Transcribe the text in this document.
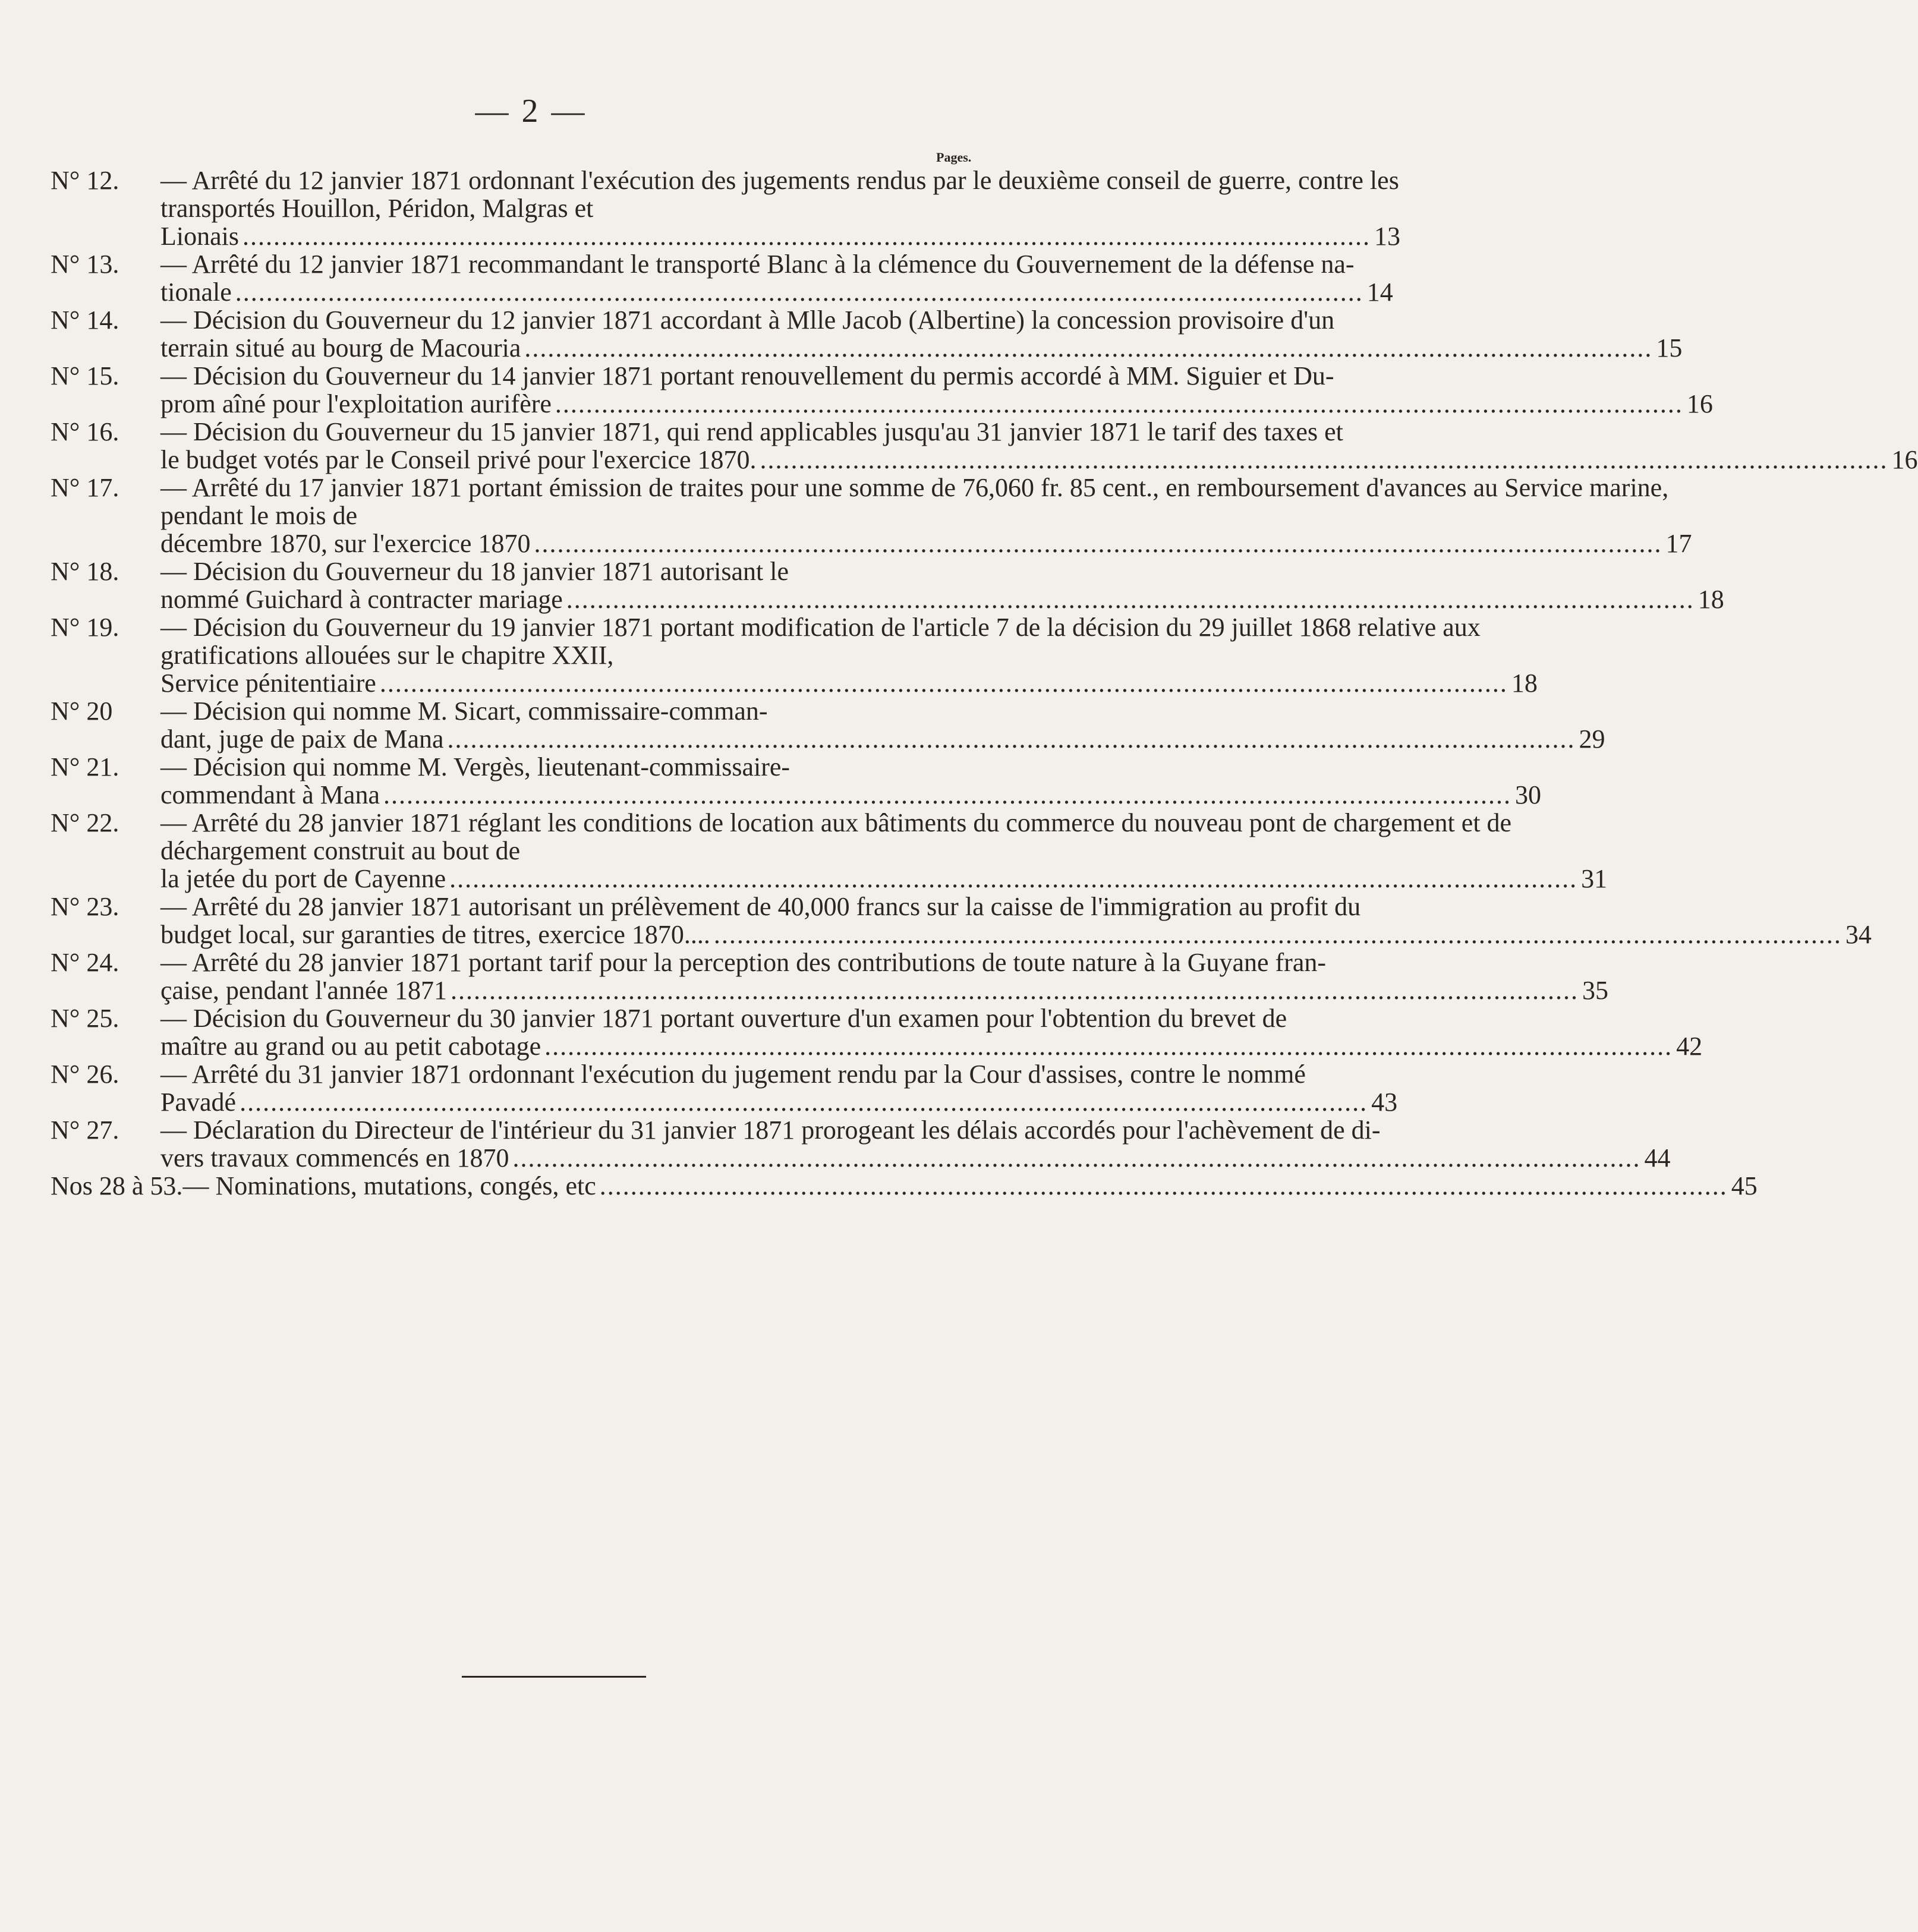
— 2 —
Pages.
N° 12.	— Arrêté du 12 janvier 1871 ordonnant l'exécution des jugements rendus par le deuxième conseil de guerre, contre les transportés Houillon, Péridon, Malgras et
Lionais .....	13
N° 13.	— Arrêté du 12 janvier 1871 recommandant le transporté Blanc à la clémence du Gouvernement de la défense na-
tionale .....	14
N° 14.	— Décision du Gouverneur du 12 janvier 1871 accordant à Mlle Jacob (Albertine) la concession provisoire d'un
terrain situé au bourg de Macouria .....	15
N° 15.	— Décision du Gouverneur du 14 janvier 1871 portant renouvellement du permis accordé à MM. Siguier et Du-
prom aîné pour l'exploitation aurifère .....	16
N° 16.	— Décision du Gouverneur du 15 janvier 1871, qui rend applicables jusqu'au 31 janvier 1871 le tarif des taxes et
le budget votés par le Conseil privé pour l'exercice 1870. .....	16
N° 17.	— Arrêté du 17 janvier 1871 portant émission de traites pour une somme de 76,060 fr. 85 cent., en remboursement d'avances au Service marine, pendant le mois de
décembre 1870, sur l'exercice 1870 .....	17
N° 18.	— Décision du Gouverneur du 18 janvier 1871 autorisant le
nommé Guichard à contracter mariage .....	18
N° 19.	— Décision du Gouverneur du 19 janvier 1871 portant modification de l'article 7 de la décision du 29 juillet 1868 relative aux gratifications allouées sur le chapitre XXII,
Service pénitentiaire .....	18
N° 20	— Décision qui nomme M. Sicart, commissaire-comman-
dant, juge de paix de Mana .....	29
N° 21.	— Décision qui nomme M. Vergès, lieutenant-commissaire-
commendant à Mana .....	30
N° 22.	— Arrêté du 28 janvier 1871 réglant les conditions de location aux bâtiments du commerce du nouveau pont de chargement et de déchargement construit au bout de
la jetée du port de Cayenne .....	31
N° 23.	— Arrêté du 28 janvier 1871 autorisant un prélèvement de 40,000 francs sur la caisse de l'immigration au profit du
budget local, sur garanties de titres, exercice 1870.... .....	34
N° 24.	— Arrêté du 28 janvier 1871 portant tarif pour la perception des contributions de toute nature à la Guyane fran-
çaise, pendant l'année 1871 .....	35
N° 25.	— Décision du Gouverneur du 30 janvier 1871 portant ouverture d'un examen pour l'obtention du brevet de
maître au grand ou au petit cabotage .....	42
N° 26.	— Arrêté du 31 janvier 1871 ordonnant l'exécution du jugement rendu par la Cour d'assises, contre le nommé
Pavadé .....	43
N° 27.	— Déclaration du Directeur de l'intérieur du 31 janvier 1871 prorogeant les délais accordés pour l'achèvement de di-
vers travaux commencés en 1870 .....	44
Nos 28 à 53. — Nominations, mutations, congés, etc .....	45
